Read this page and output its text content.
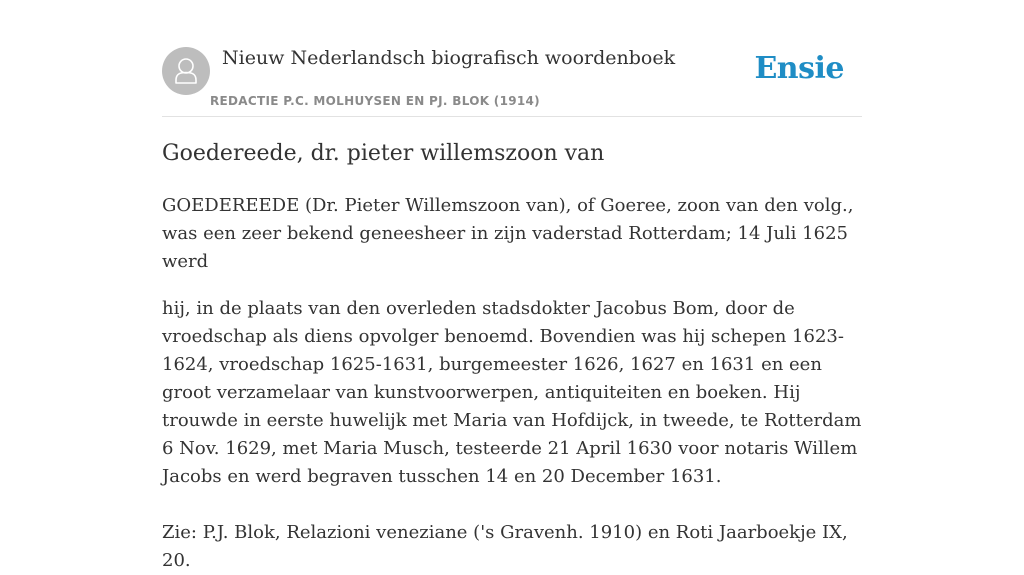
Nieuw Nederlandsch biografisch woordenboek
REDACTIE P.C. MOLHUYSEN EN PJ. BLOK (1914)
Ensie
Goedereede, dr. pieter willemszoon van

GOEDEREEDE (Dr. Pieter Willemszoon van), of Goeree, zoon van den volg., was een zeer bekend geneesheer in zijn vaderstad Rotterdam; 14 Juli 1625 werd

hij, in de plaats van den overleden stadsdokter Jacobus Bom, door de vroedschap als diens opvolger benoemd. Bovendien was hij schepen 1623-1624, vroedschap 1625-1631, burgemeester 1626, 1627 en 1631 en een groot verzamelaar van kunstvoorwerpen, antiquiteiten en boeken. Hij trouwde in eerste huwelijk met Maria van Hofdijck, in tweede, te Rotterdam 6 Nov. 1629, met Maria Musch, testeerde 21 April 1630 voor notaris Willem Jacobs en werd begraven tusschen 14 en 20 December 1631.

Zie: P.J. Blok, Relazioni veneziane ('s Gravenh. 1910) en Roti Jaarboekje IX, 20.
